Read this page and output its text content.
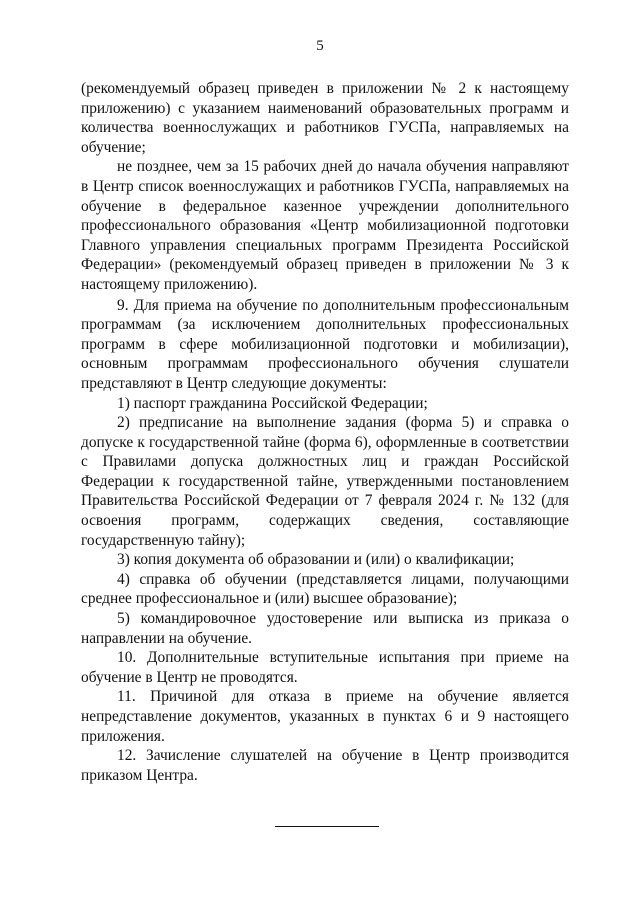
5

(рекомендуемый образец приведен в приложении № 2 к настоящему приложению) с указанием наименований образовательных программ и количества военнослужащих и работников ГУСПа, направляемых на обучение;

не позднее, чем за 15 рабочих дней до начала обучения направляют в Центр список военнослужащих и работников ГУСПа, направляемых на обучение в федеральное казенное учреждении дополнительного профессионального образования «Центр мобилизационной подготовки Главного управления специальных программ Президента Российской Федерации» (рекомендуемый образец приведен в приложении № 3 к настоящему приложению).

9. Для приема на обучение по дополнительным профессиональным программам (за исключением дополнительных профессиональных программ в сфере мобилизационной подготовки и мобилизации), основным программам профессионального обучения слушатели представляют в Центр следующие документы:

1) паспорт гражданина Российской Федерации;

2) предписание на выполнение задания (форма 5) и справка о допуске к государственной тайне (форма 6), оформленные в соответствии с Правилами допуска должностных лиц и граждан Российской Федерации к государственной тайне, утвержденными постановлением Правительства Российской Федерации от 7 февраля 2024 г. № 132 (для освоения программ, содержащих сведения, составляющие государственную тайну);

3) копия документа об образовании и (или) о квалификации;

4) справка об обучении (представляется лицами, получающими среднее профессиональное и (или) высшее образование);

5) командировочное удостоверение или выписка из приказа о направлении на обучение.

10. Дополнительные вступительные испытания при приеме на обучение в Центр не проводятся.

11. Причиной для отказа в приеме на обучение является непредставление документов, указанных в пунктах 6 и 9 настоящего приложения.

12. Зачисление слушателей на обучение в Центр производится приказом Центра.
